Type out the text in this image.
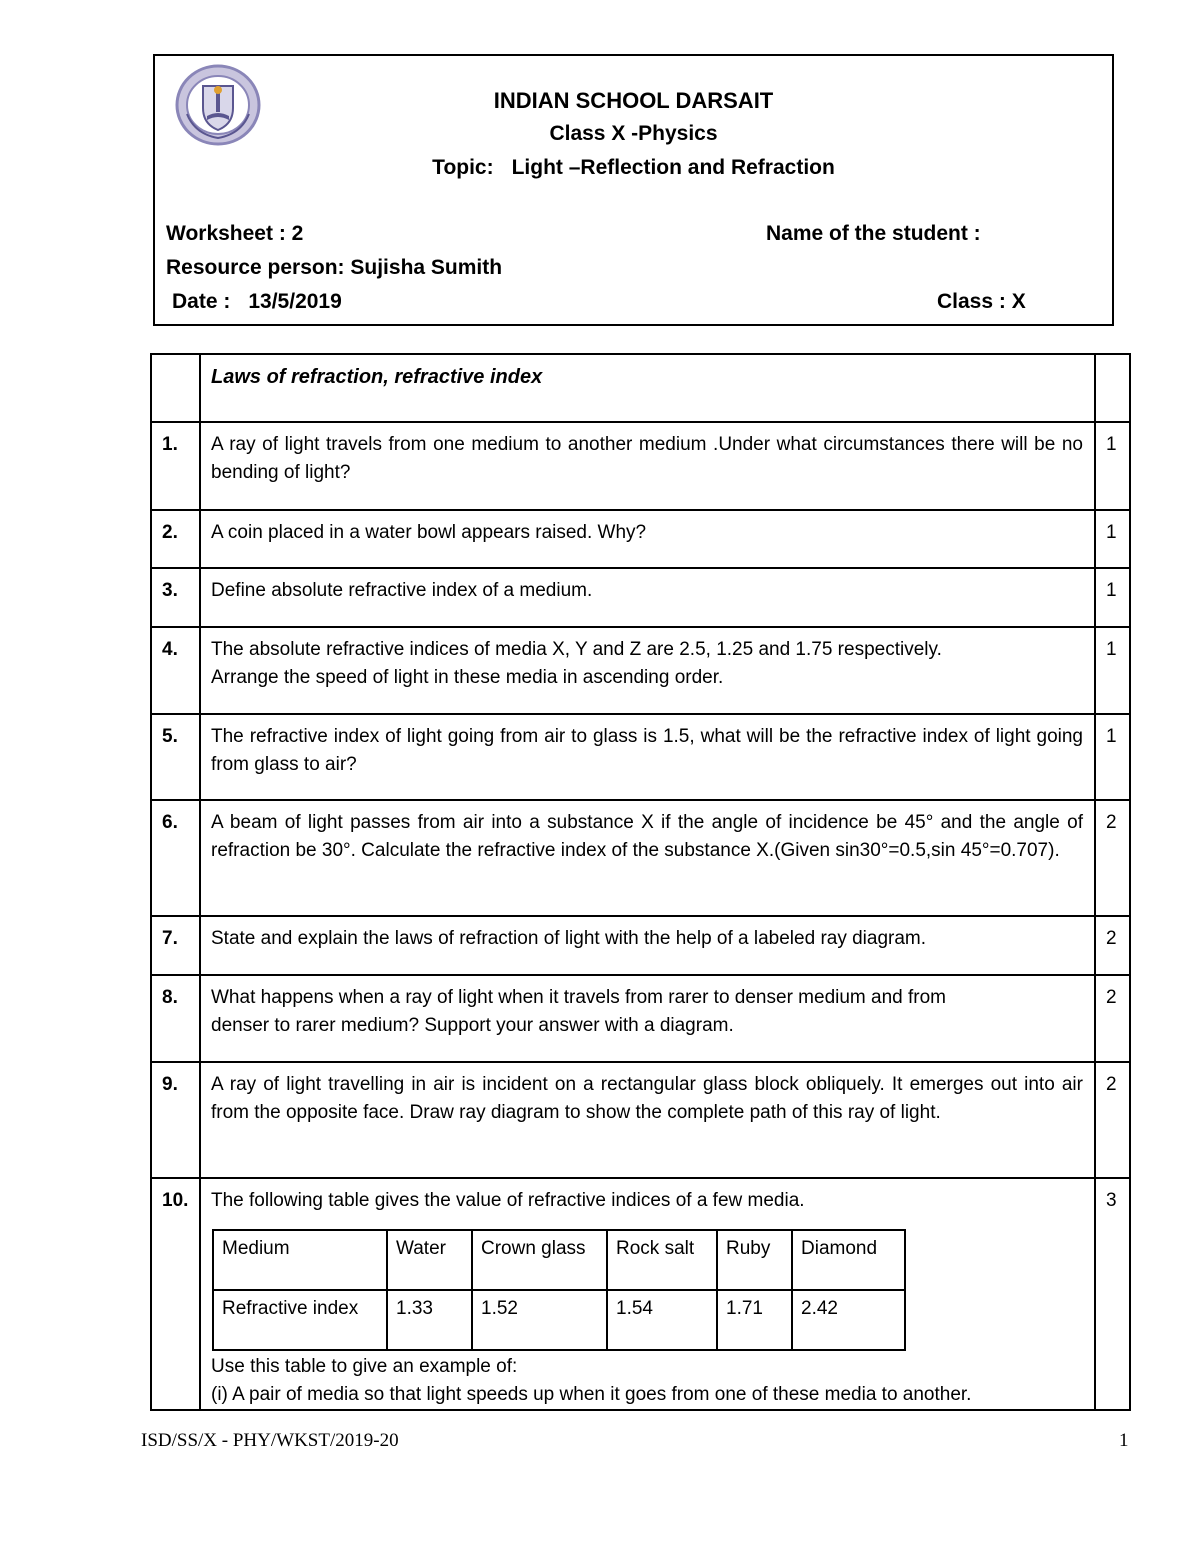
INDIAN SCHOOL DARSAIT
Class X -Physics
Topic: Light –Reflection and Refraction
Worksheet : 2
Resource person: Sujisha Sumith
Date : 13/5/2019
Name of the student :
Class : X
	Laws of refraction, refractive index	
1.	A ray of light travels from one medium to another medium .Under what circumstances there will be no bending of light?	1
2.	A coin placed in a water bowl appears raised. Why?	1
3.	Define absolute refractive index of a medium.	1
4.	The absolute refractive indices of media X, Y and Z are 2.5, 1.25 and 1.75 respectively.
Arrange the speed of light in these media in ascending order.
	1
5.	The refractive index of light going from air to glass is 1.5, what will be the refractive index of light going from glass to air?	1
6.	A beam of light passes from air into a substance X if the angle of incidence be 45° and the angle of refraction be 30°. Calculate the refractive index of the substance X.(Given sin30°=0.5,sin 45°=0.707).	2
7.	State and explain the laws of refraction of light with the help of a labeled ray diagram.	2
8.	What happens when a ray of light when it travels from rarer to denser medium and from
denser to rarer medium? Support your answer with a diagram.
	2
9.	A ray of light travelling in air is incident on a rectangular glass block obliquely. It emerges out into air from the opposite face. Draw ray diagram to show the complete path of this ray of light.	2
10.	The following table gives the value of refractive indices of a few media.
Medium	Water	Crown glass	Rock salt	Ruby	Diamond
Refractive index	1.33	1.52	1.54	1.71	2.42
Use this table to give an example of:
(i) A pair of media so that light speeds up when it goes from one of these media to another.
	3
ISD/SS/X - PHY/WKST/2019-20	1
